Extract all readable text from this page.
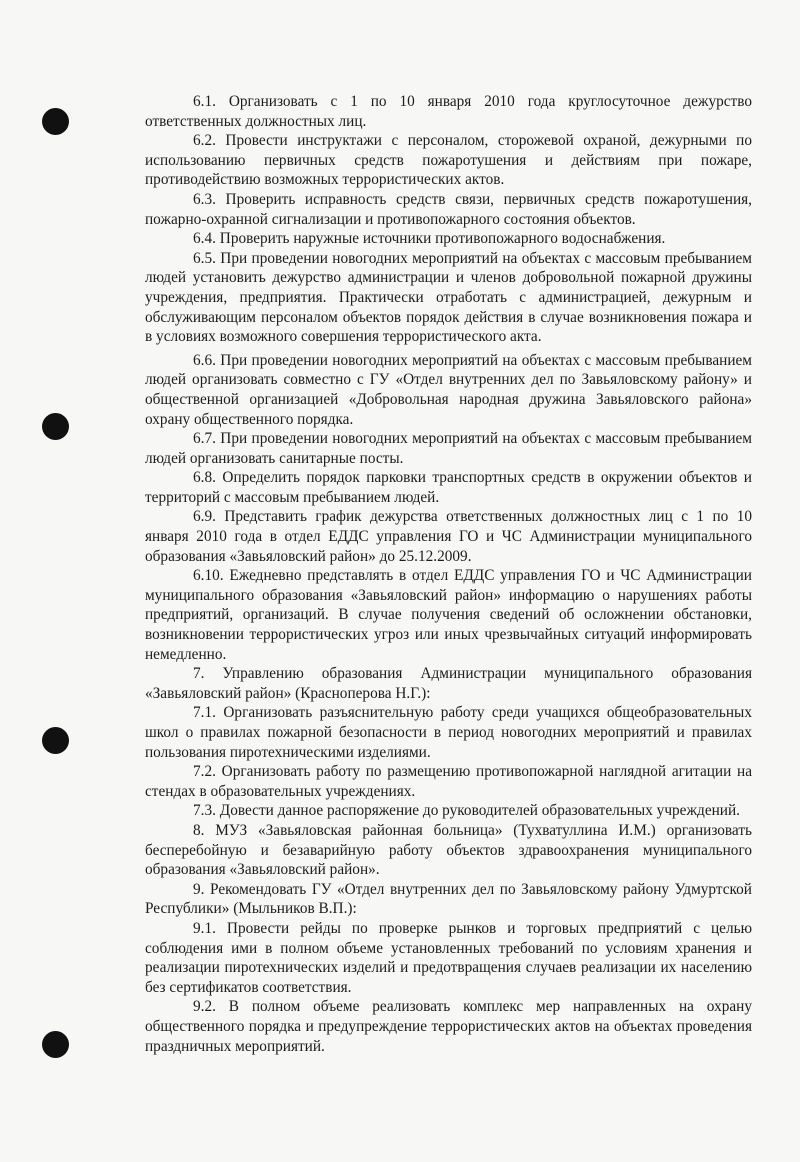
6.1. Организовать с 1 по 10 января 2010 года круглосуточное дежурство ответственных должностных лиц.

6.2. Провести инструктажи с персоналом, сторожевой охраной, дежурными по использованию первичных средств пожаротушения и действиям при пожаре, противодействию возможных террористических актов.

6.3. Проверить исправность средств связи, первичных средств пожаротушения, пожарно-охранной сигнализации и противопожарного состояния объектов.

6.4. Проверить наружные источники противопожарного водоснабжения.

6.5. При проведении новогодних мероприятий на объектах с массовым пребыванием людей установить дежурство администрации и членов добровольной пожарной дружины учреждения, предприятия. Практически отработать с администрацией, дежурным и обслуживающим персоналом объектов порядок действия в случае возникновения пожара и в условиях возможного совершения террористического акта.

6.6. При проведении новогодних мероприятий на объектах с массовым пребыванием людей организовать совместно с ГУ «Отдел внутренних дел по Завьяловскому району» и общественной организацией «Добровольная народная дружина Завьяловского района» охрану общественного порядка.

6.7. При проведении новогодних мероприятий на объектах с массовым пребыванием людей организовать санитарные посты.

6.8. Определить порядок парковки транспортных средств в окружении объектов и территорий с массовым пребыванием людей.

6.9. Представить график дежурства ответственных должностных лиц с 1 по 10 января 2010 года в отдел ЕДДС управления ГО и ЧС Администрации муниципального образования «Завьяловский район» до 25.12.2009.

6.10. Ежедневно представлять в отдел ЕДДС управления ГО и ЧС Администрации муниципального образования «Завьяловский район» информацию о нарушениях работы предприятий, организаций. В случае получения сведений об осложнении обстановки, возникновении террористических угроз или иных чрезвычайных ситуаций информировать немедленно.

7. Управлению образования Администрации муниципального образования «Завьяловский район» (Красноперова Н.Г.):

7.1. Организовать разъяснительную работу среди учащихся общеобразовательных школ о правилах пожарной безопасности в период новогодних мероприятий и правилах пользования пиротехническими изделиями.

7.2. Организовать работу по размещению противопожарной наглядной агитации на стендах в образовательных учреждениях.

7.3. Довести данное распоряжение до руководителей образовательных учреждений.

8. МУЗ «Завьяловская районная больница» (Тухватуллина И.М.) организовать бесперебойную и безаварийную работу объектов здравоохранения муниципального образования «Завьяловский район».

9. Рекомендовать ГУ «Отдел внутренних дел по Завьяловскому району Удмуртской Республики» (Мыльников В.П.):

9.1. Провести рейды по проверке рынков и торговых предприятий с целью соблюдения ими в полном объеме установленных требований по условиям хранения и реализации пиротехнических изделий и предотвращения случаев реализации их населению без сертификатов соответствия.

9.2. В полном объеме реализовать комплекс мер направленных на охрану общественного порядка и предупреждение террористических актов на объектах проведения праздничных мероприятий.
